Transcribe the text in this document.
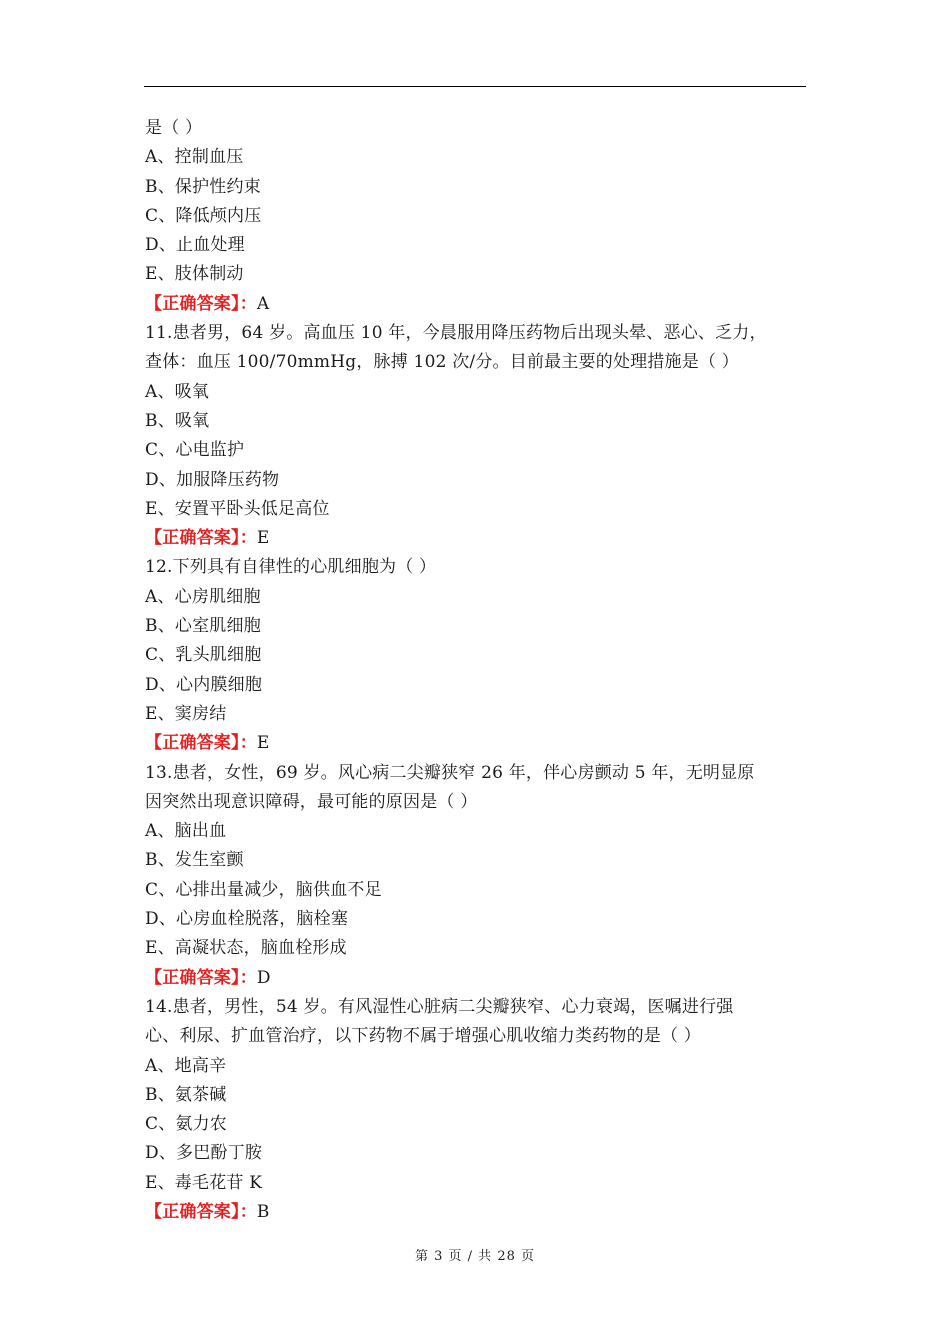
是（ ）
A、控制血压
B、保护性约束
C、降低颅内压
D、止血处理
E、肢体制动
【正确答案】：A
11.患者男，64 岁。高血压 10 年，今晨服用降压药物后出现头晕、恶心、乏力，
查体：血压 100/70mmHg，脉搏 102 次/分。目前最主要的处理措施是（ ）
A、吸氧
B、吸氧
C、心电监护
D、加服降压药物
E、安置平卧头低足高位
【正确答案】：E
12.下列具有自律性的心肌细胞为（ ）
A、心房肌细胞
B、心室肌细胞
C、乳头肌细胞
D、心内膜细胞
E、窦房结
【正确答案】：E
13.患者，女性，69 岁。风心病二尖瓣狭窄 26 年，伴心房颤动 5 年，无明显原
因突然出现意识障碍，最可能的原因是（ ）
A、脑出血
B、发生室颤
C、心排出量减少，脑供血不足
D、心房血栓脱落，脑栓塞
E、高凝状态，脑血栓形成
【正确答案】：D
14.患者，男性，54 岁。有风湿性心脏病二尖瓣狭窄、心力衰竭，医嘱进行强
心、利尿、扩血管治疗，以下药物不属于增强心肌收缩力类药物的是（ ）
A、地高辛
B、氨茶碱
C、氨力农
D、多巴酚丁胺
E、毒毛花苷 K
【正确答案】：B
第 3 页 / 共 28 页
